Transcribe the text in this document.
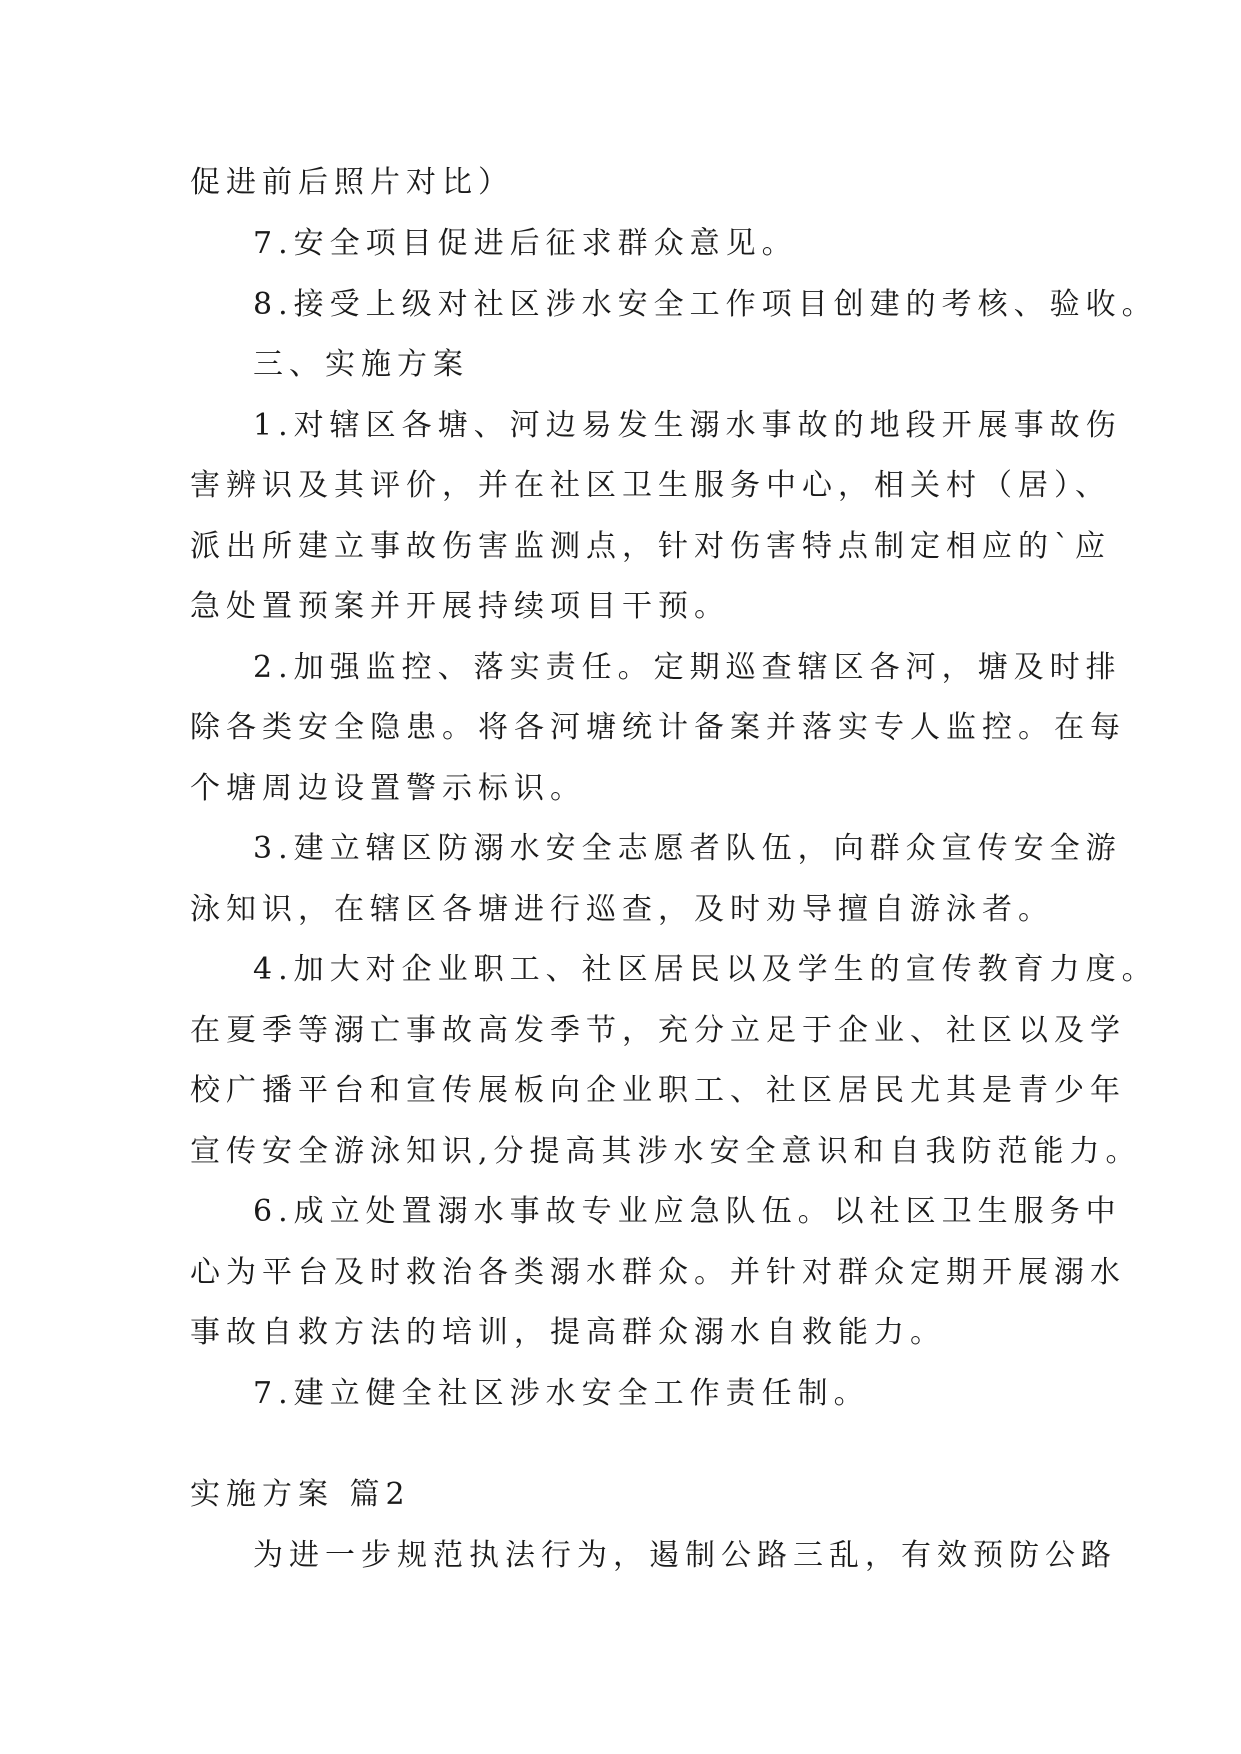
促进前后照片对比）
7.安全项目促进后征求群众意见。
8.接受上级对社区涉水安全工作项目创建的考核、验收。
三、实施方案
1.对辖区各塘、河边易发生溺水事故的地段开展事故伤
害辨识及其评价，并在社区卫生服务中心，相关村（居）、
派出所建立事故伤害监测点，针对伤害特点制定相应的`应
急处置预案并开展持续项目干预。
2.加强监控、落实责任。定期巡查辖区各河，塘及时排
除各类安全隐患。将各河塘统计备案并落实专人监控。在每
个塘周边设置警示标识。
3.建立辖区防溺水安全志愿者队伍，向群众宣传安全游
泳知识，在辖区各塘进行巡查，及时劝导擅自游泳者。
4.加大对企业职工、社区居民以及学生的宣传教育力度。
在夏季等溺亡事故高发季节，充分立足于企业、社区以及学
校广播平台和宣传展板向企业职工、社区居民尤其是青少年
宣传安全游泳知识,分提高其涉水安全意识和自我防范能力。
6.成立处置溺水事故专业应急队伍。以社区卫生服务中
心为平台及时救治各类溺水群众。并针对群众定期开展溺水
事故自救方法的培训，提高群众溺水自救能力。
7.建立健全社区涉水安全工作责任制。
实施方案 篇2
为进一步规范执法行为，遏制公路三乱，有效预防公路
